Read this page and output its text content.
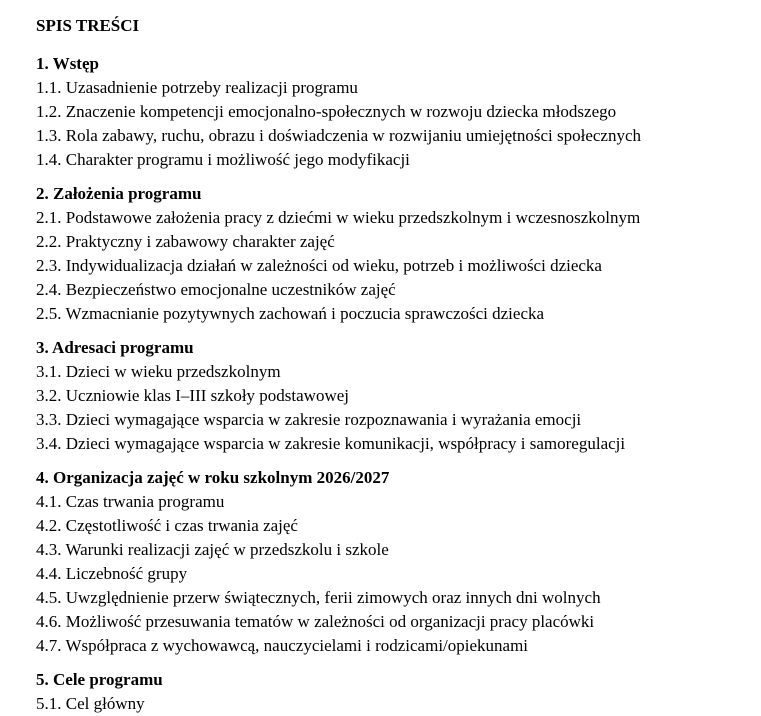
SPIS TREŚCI
1. Wstęp
1.1. Uzasadnienie potrzeby realizacji programu
1.2. Znaczenie kompetencji emocjonalno-społecznych w rozwoju dziecka młodszego
1.3. Rola zabawy, ruchu, obrazu i doświadczenia w rozwijaniu umiejętności społecznych
1.4. Charakter programu i możliwość jego modyfikacji
2. Założenia programu
2.1. Podstawowe założenia pracy z dziećmi w wieku przedszkolnym i wczesnoszkolnym
2.2. Praktyczny i zabawowy charakter zajęć
2.3. Indywidualizacja działań w zależności od wieku, potrzeb i możliwości dziecka
2.4. Bezpieczeństwo emocjonalne uczestników zajęć
2.5. Wzmacnianie pozytywnych zachowań i poczucia sprawczości dziecka
3. Adresaci programu
3.1. Dzieci w wieku przedszkolnym
3.2. Uczniowie klas I–III szkoły podstawowej
3.3. Dzieci wymagające wsparcia w zakresie rozpoznawania i wyrażania emocji
3.4. Dzieci wymagające wsparcia w zakresie komunikacji, współpracy i samoregulacji
4. Organizacja zajęć w roku szkolnym 2026/2027
4.1. Czas trwania programu
4.2. Częstotliwość i czas trwania zajęć
4.3. Warunki realizacji zajęć w przedszkolu i szkole
4.4. Liczebność grupy
4.5. Uwzględnienie przerw świątecznych, ferii zimowych oraz innych dni wolnych
4.6. Możliwość przesuwania tematów w zależności od organizacji pracy placówki
4.7. Współpraca z wychowawcą, nauczycielami i rodzicami/opiekunami
5. Cele programu
5.1. Cel główny
